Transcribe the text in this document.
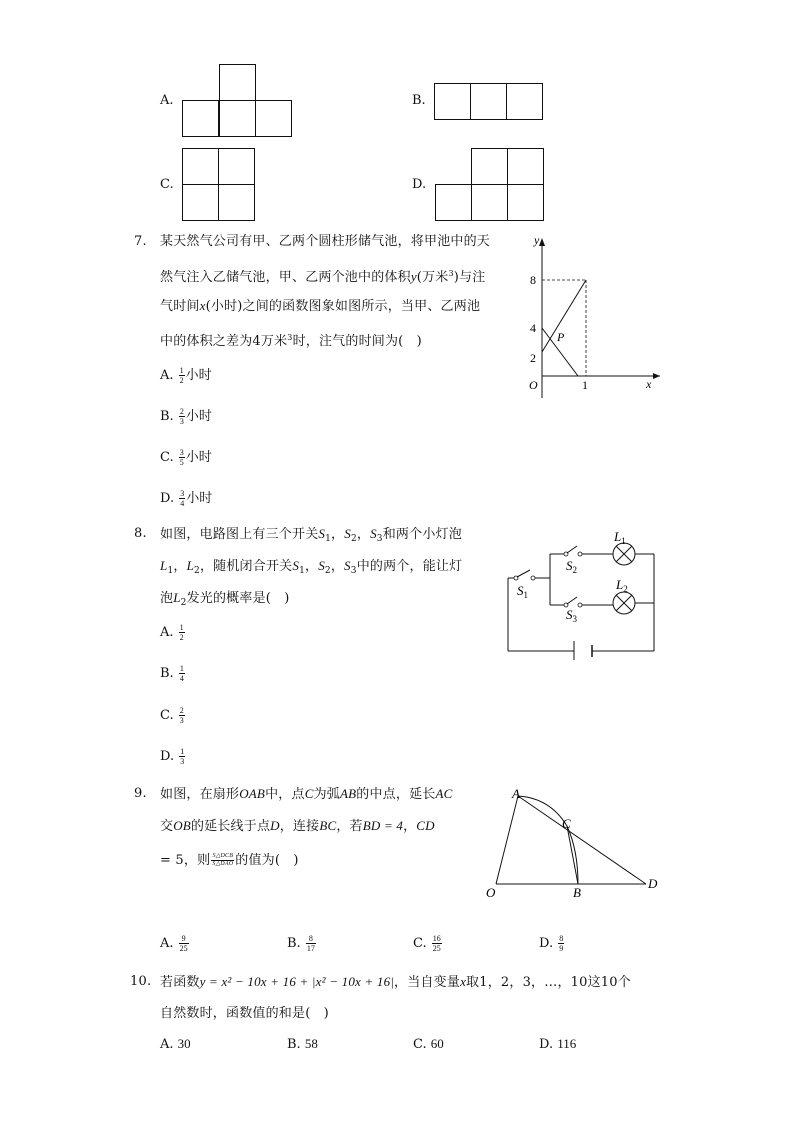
A.	B.
C.	D.
7. 某天然气公司有甲、乙两个圆柱形储气池，将甲池中的天
然气注入乙储气池，甲、乙两个池中的体积y(万米$^3$)与注
气时间x(小时)之间的函数图象如图所示，当甲、乙两池
中的体积之差为4万米$^3$时，注气的时间为(　)
A. $\frac{1}{2}$ 小时
B. $\frac{2}{3}$ 小时
C. $\frac{3}{5}$ 小时
D. $\frac{3}{4}$ 小时
y
x
O
8
4
2
1
P
8. 如图，电路图上有三个开关$S_1$，$S_2$，$S_3$和两个小灯泡
$L_1$，$L_2$，随机闭合开关$S_1$，$S_2$，$S_3$中的两个，能让灯
泡$L_2$发光的概率是(　)
A. $\frac{1}{2}$
B. $\frac{1}{4}$
C. $\frac{2}{3}$
D. $\frac{1}{3}$
$L_1$
$L_2$
$S_2$
$S_1$
$S_3$
9. 如图，在扇形OAB中，点C为弧AB的中点，延长AC
交OB的延长线于点D，连接BC，若BD = 4，CD
= 5，则 $\frac{\text{S△DCB}}{\text{S△DAO}}$ 的值为(　)
A. $\frac{9}{25}$	B. $\frac{8}{17}$	C. $\frac{16}{25}$	D. $\frac{8}{9}$
A
C
O	B
D
10. 若函数y = x² − 10x + 16 + |x² − 10x + 16|，当自变量x取1，2，3，…，10这10个
自然数时，函数值的和是(　)
A. 30	B. 58	C. 60	D. 116
